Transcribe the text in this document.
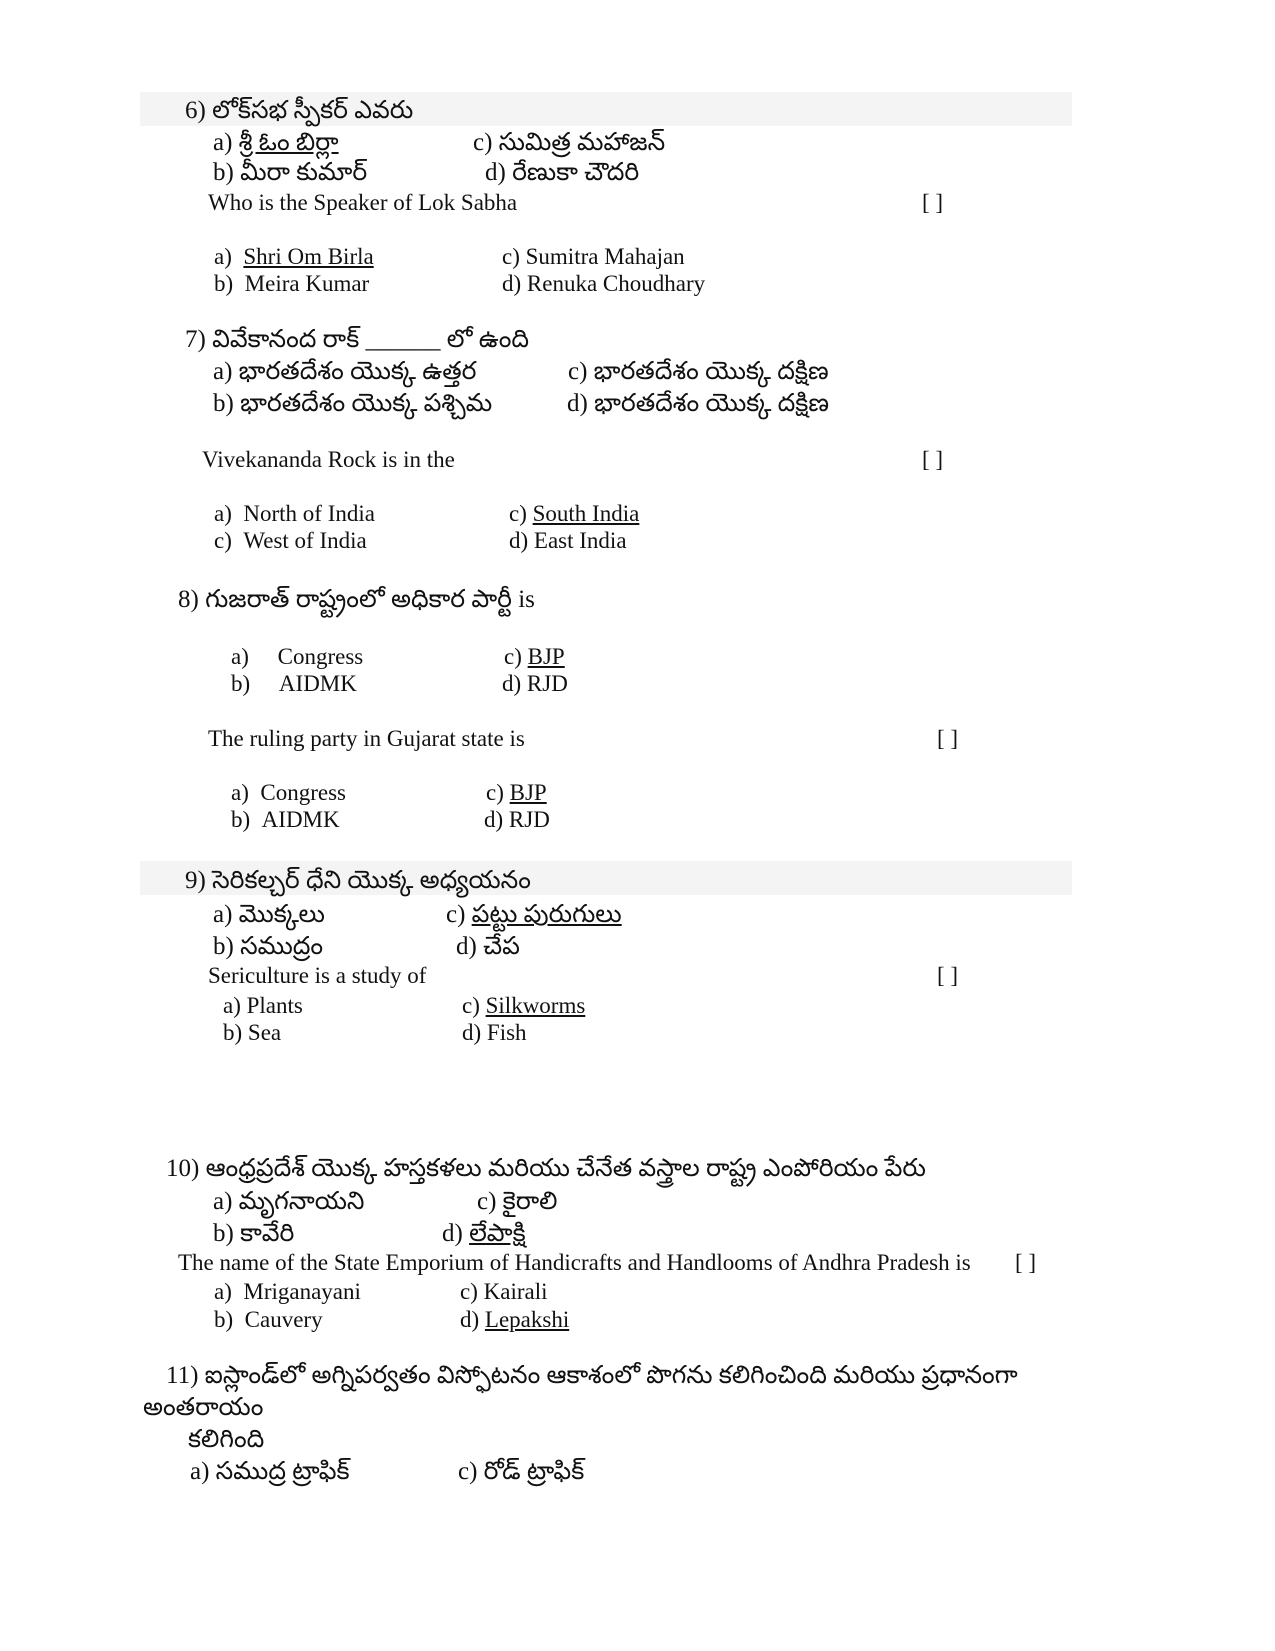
6) లోక్‌సభ స్పీకర్ ఎవరు
a) శ్రీ ఓం బిర్లా	c) సుమిత్ర మహాజన్
b) మీరా కుమార్	d) రేణుకా చౌదరి
Who is the Speaker of Lok Sabha	[ ]
a) Shri Om Birla	c) Sumitra Mahajan
b) Meira Kumar	d) Renuka Choudhary
7) వివేకానంద రాక్ ______ లో ఉంది
a) భారతదేశం యొక్క ఉత్తర	c) భారతదేశం యొక్క దక్షిణ
b) భారతదేశం యొక్క పశ్చిమ	d) భారతదేశం యొక్క దక్షిణ
Vivekananda Rock is in the	[ ]
a) North of India	c) South India
c) West of India	d) East India
8) గుజరాత్ రాష్ట్రంలో అధికార పార్టీ is
a) Congress	c) BJP
b) AIDMK	d) RJD
The ruling party in Gujarat state is	[ ]
a) Congress	c) BJP
b) AIDMK	d) RJD
9) సెరికల్చర్ ధేని యొక్క అధ్యయనం
a) మొక్కలు	c) పట్టు పురుగులు
b) సముద్రం	d) చేప
Sericulture is a study of	[ ]
a) Plants	c) Silkworms
b) Sea	d) Fish
10) ఆంధ్రప్రదేశ్ యొక్క హస్తకళలు మరియు చేనేత వస్త్రాల రాష్ట్ర ఎంపోరియం పేరు
a) మృగనాయని	c) కైరాలి
b) కావేరి	d) లేపాక్షి
The name of the State Emporium of Handicrafts and Handlooms of Andhra Pradesh is [ ]
a) Mriganayani	c) Kairali
b) Cauvery	d) Lepakshi
11) ఐస్లాండ్‌లో అగ్నిపర్వతం విస్ఫోటనం ఆకాశంలో పొగను కలిగించింది మరియు ప్రధానంగా
అంతరాయం
కలిగింది
a) సముద్ర ట్రాఫిక్	c) రోడ్ ట్రాఫిక్
